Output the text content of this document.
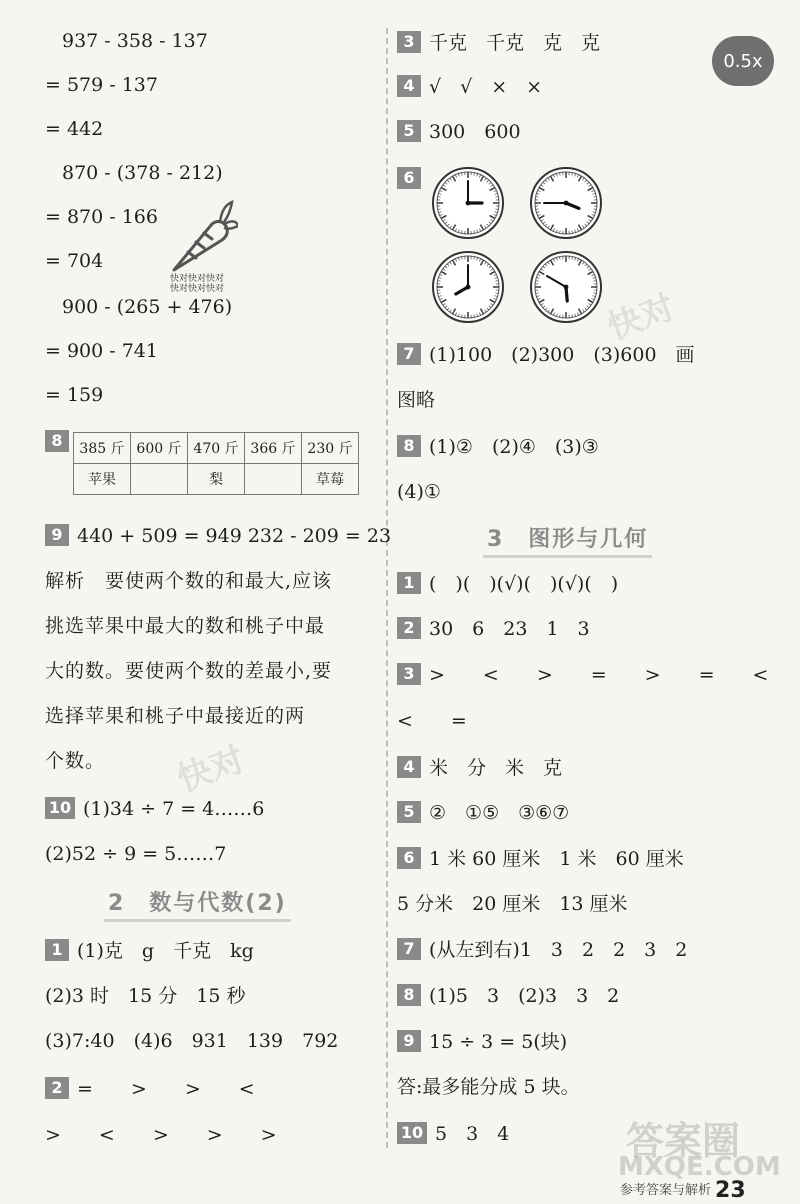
0.5x
937 - 358 - 137
= 579 - 137
= 442
870 - (378 - 212)
= 870 - 166
= 704
900 - (265 + 476)
= 900 - 741
= 159
快对快对快对 快对快对快对
8	385 斤	600 斤	470 斤	366 斤	230 斤
苹果		梨		草莓
9 440 + 509 = 949 232 - 209 = 23
解析　要使两个数的和最大,应该
挑选苹果中最大的数和桃子中最
大的数。要使两个数的差最小,要
选择苹果和桃子中最接近的两
个数。
10 (1)34 ÷ 7 = 4……6
(2)52 ÷ 9 = 5……7
2　数与代数(2)
1 (1)克　g　千克　kg
(2)3 时　15 分　15 秒
(3)7:40　(4)6　931　139　792
2 =　　>　　>　　<
>　　<　　>　　>　　>
3 千克　千克　克　克
4 √　√　×　×
5 300　600
6
7 (1)100　(2)300　(3)600　画
图略
8 (1)②　(2)④　(3)③
(4)①
3　图形与几何
1 (　)(　)(√)(　)(√)(　)
2 30　6　23　1　3
3 >　　<　　>　　=　　>　　=　　<
<　　=
4 米　分　米　克
5 ②　①⑤　③⑥⑦
6 1 米 60 厘米　1 米　60 厘米
5 分米　20 厘米　13 厘米
7 (从左到右)1　3　2　2　3　2
8 (1)5　3　(2)3　3　2
9 15 ÷ 3 = 5(块)
答:最多能分成 5 块。
10 5　3　4
快对
快对
答案圈
MXQE.COM
参考答案与解析 23
